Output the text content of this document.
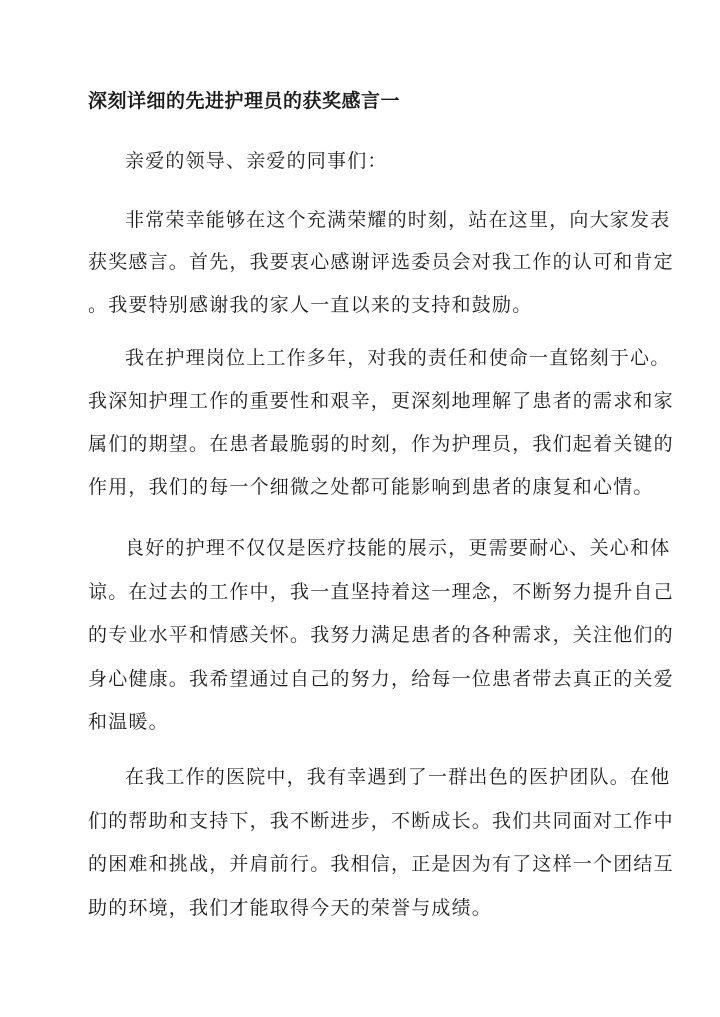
深刻详细的先进护理员的获奖感言一
亲爱的领导、亲爱的同事们：
非常荣幸能够在这个充满荣耀的时刻，站在这里，向大家发表
获奖感言。首先，我要衷心感谢评选委员会对我工作的认可和肯定
。我要特别感谢我的家人一直以来的支持和鼓励。
我在护理岗位上工作多年，对我的责任和使命一直铭刻于心。
我深知护理工作的重要性和艰辛，更深刻地理解了患者的需求和家
属们的期望。在患者最脆弱的时刻，作为护理员，我们起着关键的
作用，我们的每一个细微之处都可能影响到患者的康复和心情。
良好的护理不仅仅是医疗技能的展示，更需要耐心、关心和体
谅。在过去的工作中，我一直坚持着这一理念，不断努力提升自己
的专业水平和情感关怀。我努力满足患者的各种需求，关注他们的
身心健康。我希望通过自己的努力，给每一位患者带去真正的关爱
和温暖。
在我工作的医院中，我有幸遇到了一群出色的医护团队。在他
们的帮助和支持下，我不断进步，不断成长。我们共同面对工作中
的困难和挑战，并肩前行。我相信，正是因为有了这样一个团结互
助的环境，我们才能取得今天的荣誉与成绩。
